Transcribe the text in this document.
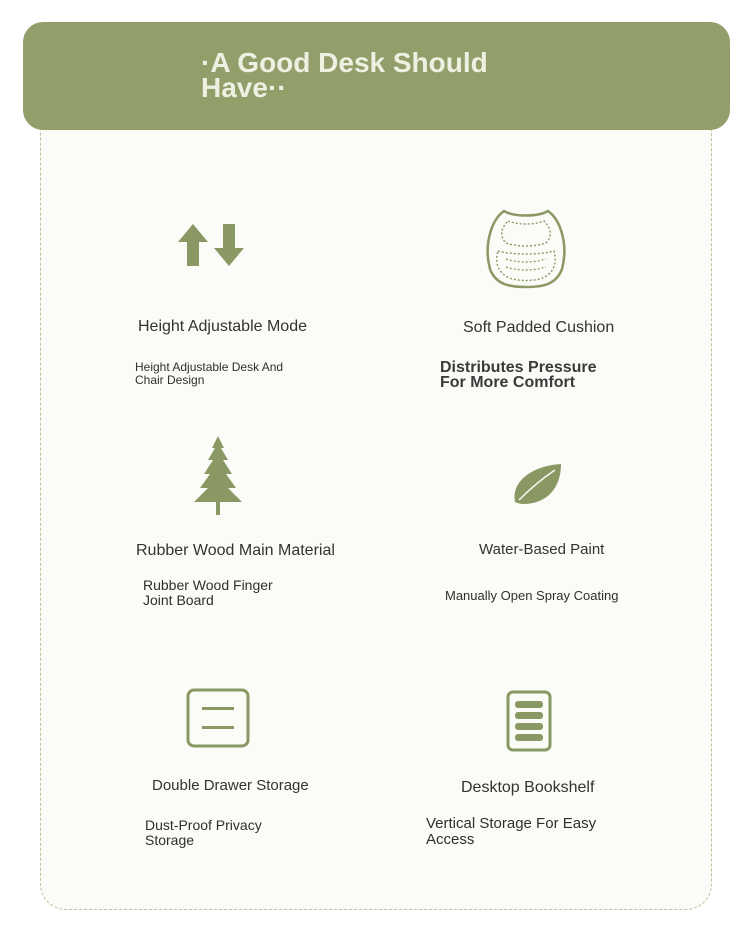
·A Good Desk Should Have··

Height Adjustable Mode

Height Adjustable Desk And Chair Design

Soft Padded Cushion

Distributes Pressure For More Comfort

Rubber Wood Main Material

Rubber Wood Finger Joint Board

Water-Based Paint

Manually Open Spray Coating

Double Drawer Storage

Dust-Proof Privacy Storage

Desktop Bookshelf

Vertical Storage For Easy Access
